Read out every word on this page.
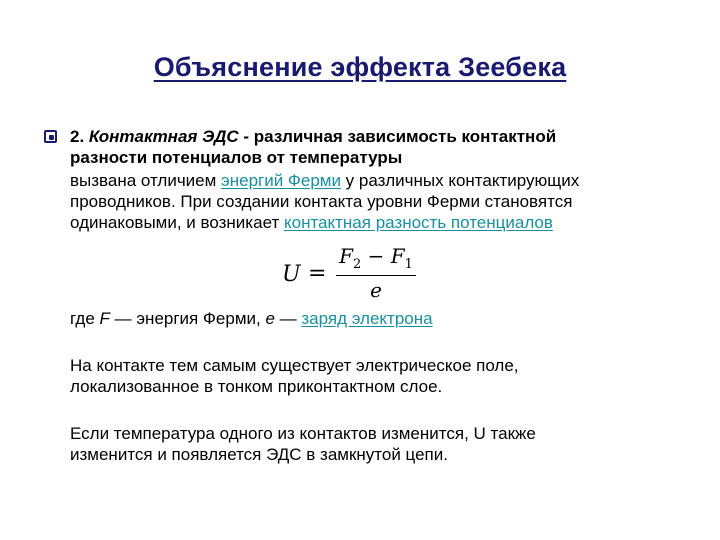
Объяснение эффекта Зеебека
2. Контактная ЭДС - различная зависимость контактной
разности потенциалов от температуры
вызвана отличием энергий Ферми у различных контактирующих
проводников. При создании контакта уровни Ферми становятся
одинаковыми, и возникает контактная разность потенциалов
$U = \frac{F_2 - F_1}{e}$
где F — энергия Ферми, e — заряд электрона
На контакте тем самым существует электрическое поле,
локализованное в тонком приконтактном слое.
Если температура одного из контактов изменится, U также
изменится и появляется ЭДС в замкнутой цепи.
